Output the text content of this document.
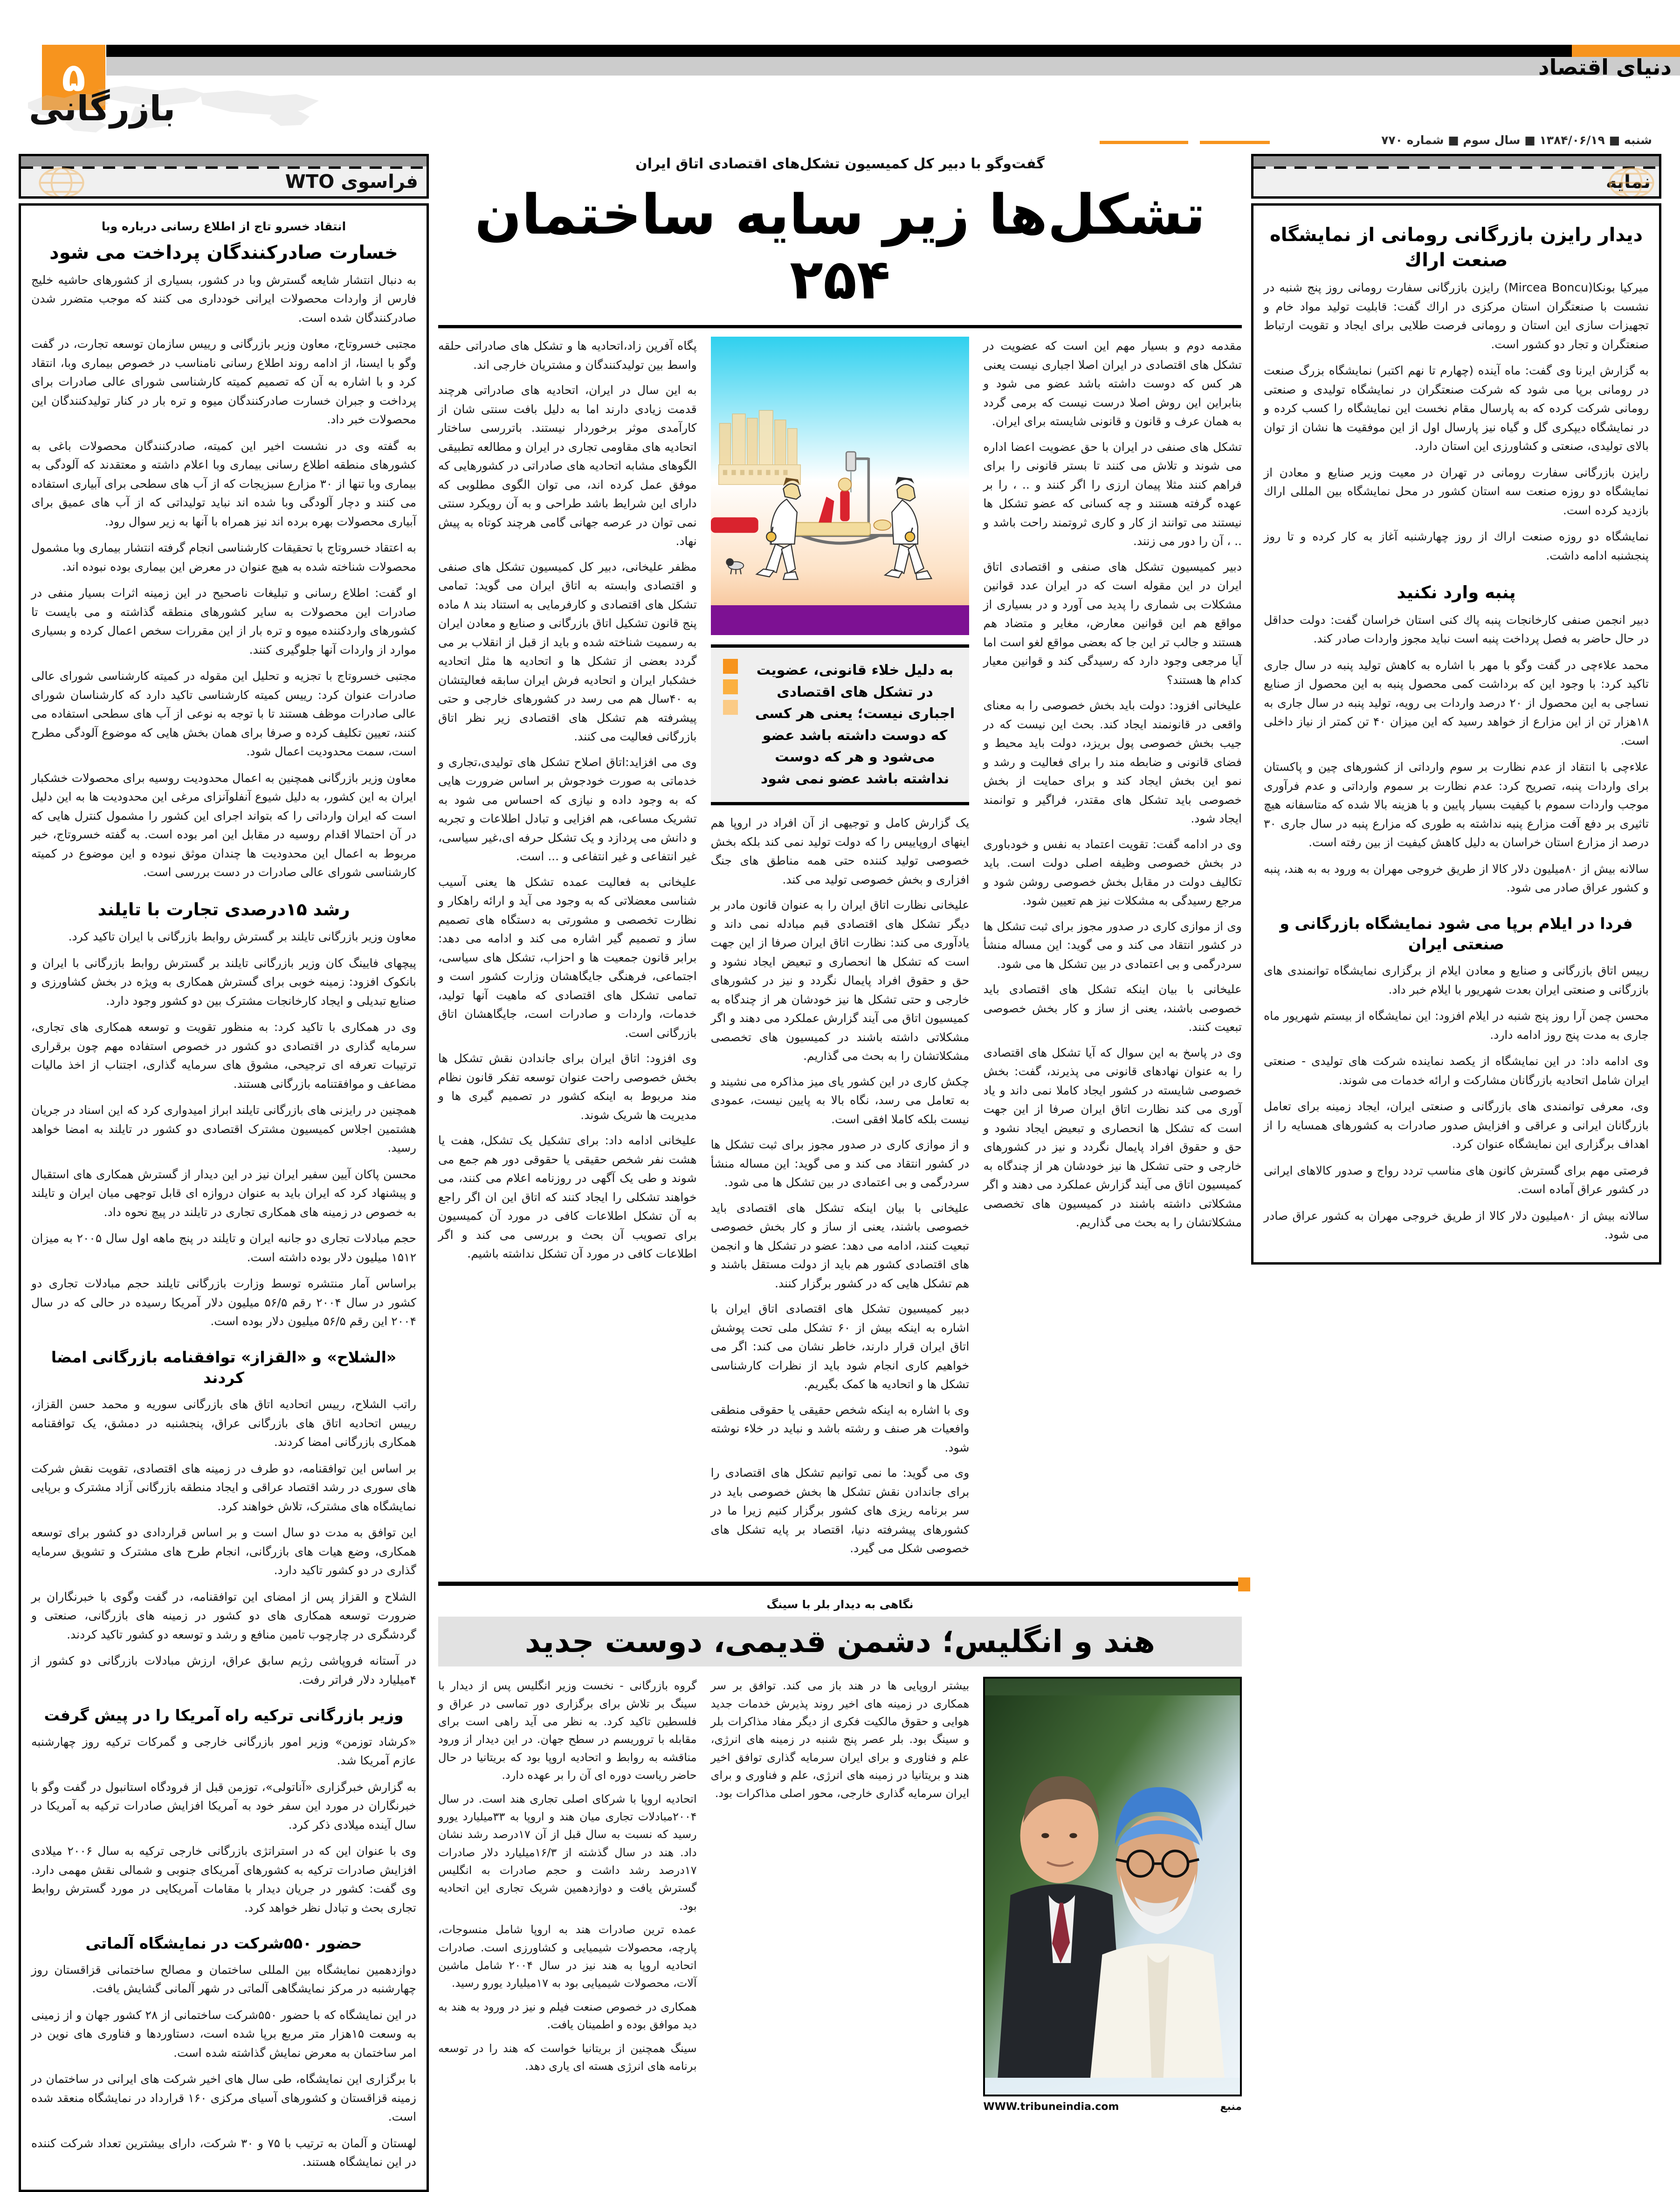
۵	دنیای اقتصاد
بازرگانی
شنبه ■ ۱۳۸۴/۰۶/۱۹ ■ سال سوم ■ شماره ۷۷۰
فراسوی WTO
انتقاد خسرو تاج از اطلاع رسانی درباره وبا
خسارت صادرکنندگان پرداخت می شود

به دنبال انتشار شایعه گسترش وبا در کشور، بسیاری از کشورهای حاشیه خلیج فارس از واردات محصولات ایرانی خودداری می کنند که موجب متضرر شدن صادرکنندگان شده است.

مجتبی خسروتاج، معاون وزیر بازرگانی و رییس سازمان توسعه تجارت، در گفت وگو با ایسنا، از ادامه روند اطلاع رسانی نامناسب در خصوص بیماری وبا، انتقاد کرد و با اشاره به آن که تصمیم کمیته کارشناسی شورای عالی صادرات برای پرداخت و جبران خسارت صادرکنندگان میوه و تره بار در کنار تولیدکنندگان این محصولات خبر داد.

به گفته وی در نشست اخیر این کمیته، صادرکنندگان محصولات باغی به کشورهای منطقه اطلاع رسانی بیماری وبا اعلام داشته و معتقدند که آلودگی به بیماری وبا تنها از ۳۰ مزارع سبزیجات که از آب های سطحی برای آبیاری استفاده می کنند و دچار آلودگی وبا شده اند نباید تولیداتی که از آب های عمیق برای آبیاری محصولات بهره برده اند نیز همراه با آنها به زیر سوال رود.

به اعتقاد خسروتاج با تحقیقات کارشناسی انجام گرفته انتشار بیماری وبا مشمول محصولات شناخته شده به هیچ عنوان در معرض این بیماری بوده نبوده اند.

او گفت: اطلاع رسانی و تبلیغات ناصحیح در این زمینه اثرات بسیار منفی در صادرات این محصولات به سایر کشورهای منطقه گذاشته و می بایست تا کشورهای واردکننده میوه و تره بار از این مقررات سخص اعمال کرده و بسیاری موارد از واردات آنها جلوگیری کنند.

مجتبی خسروتاج با تجزیه و تحلیل این مقوله در کمیته کارشناسی شورای عالی صادرات عنوان کرد: رییس کمیته کارشناسی تاکید دارد که کارشناسان شورای عالی صادرات موظف هستند تا با توجه به نوعی از آب های سطحی استفاده می کنند، تعیین تکلیف کرده و صرفا برای همان بخش هایی که موضوع آلودگی مطرح است، سمت محدودیت اعمال شود.

معاون وزیر بازرگانی همچنین به اعمال محدودیت روسیه برای محصولات خشکبار ایران به این کشور، به دلیل شیوع آنفلوآنزای مرغی این محدودیت ها به این دلیل است که ایران وارداتی را که بتواند اجرای این کشور را مشمول کنترل هایی که در آن احتمالا اقدام روسیه در مقابل این امر بوده است. به گفته خسروتاج، خبر مربوط به اعمال این محدودیت ها چندان موثق نبوده و این موضوع در کمیته کارشناسی شورای عالی صادرات در دست بررسی است.

رشد ۱۵درصدی تجارت با تایلند

معاون وزیر بازرگانی تایلند بر گسترش روابط بازرگانی با ایران تاکید کرد.

پیچهای فایینگ کان وزیر بازرگانی تایلند بر گسترش روابط بازرگانی با ایران و بانکوک افزود: زمینه خوبی برای گسترش همکاری به ویژه در بخش کشاورزی و صنایع تبدیلی و ایجاد کارخانجات مشترک بین دو کشور وجود دارد.

وی در همکاری با تاکید کرد: به منظور تقویت و توسعه همکاری های تجاری، سرمایه گذاری در اقتصادی دو کشور در خصوص استفاده مهم چون برقراری ترتیبات تعرفه ای ترجیحی، مشوق های سرمایه گذاری، اجتناب از اخذ مالیات مضاعف و موافقتنامه بازرگانی هستند.

همچنین در رایزنی های بازرگانی تایلند ابراز امیدواری کرد که این اسناد در جریان هشتمین اجلاس کمیسیون مشترک اقتصادی دو کشور در تایلند به امضا خواهد رسید.

محسن پاکان آیین سفیر ایران نیز در این دیدار از گسترش همکاری های استقبال و پیشنهاد کرد که ایران باید به عنوان دروازه ای قابل توجهی میان ایران و تایلند به خصوص در زمینه های همکاری تجاری در تایلند در پیچ نحوه داد.

حجم مبادلات تجاری دو جانبه ایران و تایلند در پنج ماهه اول سال ۲۰۰۵ به میزان ۱۵۱۲ میلیون دلار بوده داشته است.

براساس آمار منتشره توسط وزارت بازرگانی تایلند حجم مبادلات تجاری دو کشور در سال ۲۰۰۴ رقم ۵۶/۵ میلیون دلار آمریکا رسیده در حالی که در سال ۲۰۰۴ این رقم ۵۶/۵ میلیون دلار بوده است.

«الشلاح» و «القزاز» توافقنامه بازرگانی امضا کردند

راتب الشلاح، رییس اتحادیه اتاق های بازرگانی سوریه و محمد حسن القزاز، رییس اتحادیه اتاق های بازرگانی عراق، پنجشنبه در دمشق، یک توافقنامه همکاری بازرگانی امضا کردند.

بر اساس این توافقنامه، دو طرف در زمینه های اقتصادی، تقویت نقش شرکت های سوری در رشد اقتصاد عراقی و ایجاد منطقه بازرگانی آزاد مشترک و برپایی نمایشگاه های مشترک، تلاش خواهند کرد.

این توافق به مدت دو سال است و بر اساس قراردادی دو کشور برای توسعه همکاری، وضع هیات های بازرگانی، انجام طرح های مشترک و تشویق سرمایه گذاری در دو کشور تاکید دارد.

الشلاح و القزاز پس از امضای این توافقنامه، در گفت وگوی با خبرنگاران بر ضرورت توسعه همکاری های دو کشور در زمینه های بازرگانی، صنعتی و گردشگری در چارچوب تامین منافع و رشد و توسعه دو کشور تاکید کردند.

در آستانه فروپاشی رژیم سابق عراق، ارزش مبادلات بازرگانی دو کشور از ۴میلیارد دلار فراتر رفت.

وزیر بازرگانی ترکیه راه آمریکا را در پیش گرفت

«کرشاد توزمن» وزیر امور بازرگانی خارجی و گمرکات ترکیه روز چهارشنبه عازم آمریکا شد.

به گزارش خبرگزاری «آناتولی»، توزمن قبل از فرودگاه استانبول در گفت وگو با خبرنگاران در مورد این سفر خود به آمریکا افزایش صادرات ترکیه به آمریکا در سال آینده میلادی ذکر کرد.

وی با عنوان این که در استراتژی بازرگانی خارجی ترکیه به سال ۲۰۰۶ میلادی افزایش صادرات ترکیه به کشورهای آمریکای جنوبی و شمالی نقش مهمی دارد. وی گفت: کشور در جریان دیدار با مقامات آمریکایی در مورد گسترش روابط تجاری بحث و تبادل نظر خواهد کرد.

حضور ۵۵۰شرکت در نمایشگاه آلماتی

دوازدهمین نمایشگاه بین المللی ساختمان و مصالح ساختمانی قزاقستان روز چهارشنبه در مرکز نمایشگاهی آلماتی در شهر آلمانی گشایش یافت.

در این نمایشگاه که با حضور ۵۵۰شرکت ساختمانی از ۲۸ کشور جهان و از زمینی به وسعت ۱۵هزار متر مربع برپا شده است، دستاوردها و فناوری های نوین در امر ساختمان به معرض نمایش گذاشته شده است.

با برگزاری این نمایشگاه، طی سال های اخیر شرکت های ایرانی در ساختمان در زمینه قزاقستان و کشورهای آسیای مرکزی ۱۶۰ قرارداد در نمایشگاه منعقد شده است.

لهستان و آلمان به ترتیب با ۷۵ و ۳۰ شرکت، دارای بیشترین تعداد شرکت کننده در این نمایشگاه هستند.

نمایه
دیدار رایزن بازرگانی رومانی از نمایشگاه صنعت اراك

میرکیا بونکا(Mircea Boncu) رایزن بازرگانی سفارت رومانی روز پنج شنبه در نشست با صنعتگران استان مرکزی در اراك گفت: قابلیت تولید مواد خام و تجهیزات سازی این استان و رومانی فرصت طلایی برای ایجاد و تقویت ارتباط صنعتگران و تجار دو کشور است.

به گزارش ایرنا وی گفت: ماه آینده (چهارم تا نهم اکتبر) نمایشگاه بزرگ صنعت در رومانی برپا می شود که شرکت صنعتگران در نمایشگاه تولیدی و صنعتی رومانی شرکت کرده که به پارسال مقام نخست این نمایشگاه را کسب کرده و در نمایشگاه دیپکری گل و گیاه نیز پارسال اول از این موفقیت ها نشان از توان بالای تولیدی، صنعتی و کشاورزی این استان دارد.

رایزن بازرگانی سفارت رومانی در تهران در معیت وزیر صنایع و معادن از نمایشگاه دو روزه صنعت سه استان کشور در محل نمایشگاه بین المللی اراك بازدید کرده است.

نمایشگاه دو روزه صنعت اراك از روز چهارشنبه آغاز به کار کرده و تا روز پنجشنبه ادامه داشت.

پنبه وارد نکنید

دبیر انجمن صنفی کارخانجات پنبه پاك کنی استان خراسان گفت: دولت حداقل در حال حاضر به فصل پرداخت پنبه است نباید مجوز واردات صادر کند.

محمد علاءچی در گفت وگو با مهر با اشاره به کاهش تولید پنبه در سال جاری تاکید کرد: با وجود این که برداشت کمی محصول پنبه به این محصول از صنایع نساجی به این محصول از ۲۰ درصد واردات بی رویه، تولید پنبه در سال جاری به ۱۸هزار تن از این مزارع از خواهد رسید که این میزان ۴۰ تن کمتر از نیاز داخلی است.

علاءچی با انتقاد از عدم نظارت بر سوم وارداتی از کشورهای چین و پاکستان برای واردات پنبه، تصریح کرد: عدم نظارت بر سموم وارداتی و عدم فرآوری موجب واردات سموم با کیفیت بسیار پایین و با هزینه بالا شده که متاسفانه هیچ تاثیری بر دفع آفت مزارع پنبه نداشته به طوری که مزارع پنبه در سال جاری ۳۰ درصد از مزارع استان خراسان به دلیل کاهش کیفیت از بین رفته است.

سالانه بیش از ۸۰میلیون دلار کالا از طریق خروجی مهران به ورود به به هند، پنبه و کشور عراق صادر می شود.

فردا در ایلام برپا می شود نمایشگاه بازرگانی و صنعتی ایران

رییس اتاق بازرگانی و صنایع و معادن ایلام از برگزاری نمایشگاه توانمندی های بازرگانی و صنعتی ایران بعدت شهریور با ایلام خبر داد.

محسن چمن آرا روز پنج شنبه در ایلام افزود: این نمایشگاه از بیستم شهریور ماه جاری به مدت پنج روز ادامه دارد.

وی ادامه داد: در این نمایشگاه از یکصد نماینده شرکت های تولیدی - صنعتی ایران شامل اتحادیه بازرگانان مشارکت و ارائه خدمات می شوند.

وی، معرفی توانمندی های بازرگانی و صنعتی ایران، ایجاد زمینه برای تعامل بازرگانان ایرانی و عراقی و افزایش صدور صادرات به کشورهای همسایه را از اهداف برگزاری این نمایشگاه عنوان کرد.

فرصتی مهم برای گسترش کانون های مناسب تردد رواج و صدور کالاهای ایرانی در کشور عراق آماده است.

سالانه بیش از ۸۰میلیون دلار کالا از طریق خروجی مهران به کشور عراق صادر می شود.

گفت‌وگو با دبیر کل کمیسیون تشکل‌های اقتصادی اتاق ایران
تشکل‌ها زیر سایه ساختمان ۲۵۴

مقدمه دوم و بسیار مهم این است که عضویت در تشکل های اقتصادی در ایران اصلا اجباری نیست یعنی هر کس که دوست داشته باشد عضو می شود و بنابراین این روش اصلا درست نیست که برمی گردد به همان عرف و قانون و قانونی شایسته برای ایران.

تشکل های صنفی در ایران با حق عضویت اعضا اداره می شوند و تلاش می کنند تا بستر قانونی را برای فراهم کنند مثلا پیمان ارزی را اگر کنند و .. ، را بر عهده گرفته هستند و چه کسانی که عضو تشکل ها نیستند می توانند از کار و کاری ثروتمند راحت باشد و .. ، آن را دور می زنند.

دبیر کمیسیون تشکل های صنفی و اقتصادی اتاق ایران در این مقوله است که در ایران عدد قوانین مشکلات بی شماری را پدید می آورد و در بسیاری از مواقع هم این قوانین معارض، مغایر و متضاد هم هستند و جالب تر این جا که بعضی مواقع لغو است اما آیا مرجعی وجود دارد که رسیدگی کند و قوانین معیار کدام ها هستند؟

علیخانی افزود: دولت باید بخش خصوصی را به معنای واقعی در قانونمند ایجاد کند. بحث این نیست که در جیب بخش خصوصی پول بریزد، دولت باید محیط و فضای قانونی و ضابطه مند را برای فعالیت و رشد و نمو این بخش ایجاد کند و برای حمایت از بخش خصوصی باید تشکل های مقتدر، فراگیر و توانمند ایجاد شود.

وی در ادامه گفت: تقویت اعتماد به نفس و خودباوری در بخش خصوصی وظیفه اصلی دولت است. باید تکالیف دولت در مقابل بخش خصوصی روشن شود و مرجع رسیدگی به مشکلات نیز هم تعیین شود.

وی از موازی کاری در صدور مجوز برای ثبت تشکل ها در کشور انتقاد می کند و می گوید: این مساله منشأ سردرگمی و بی اعتمادی در بین تشکل ها می شود.

علیخانی با بیان اینکه تشکل های اقتصادی باید خصوصی باشند، یعنی از ساز و کار بخش خصوصی تبعیت کنند.

وی در پاسخ به این سوال که آیا تشکل های اقتصادی را به عنوان نهادهای قانونی می پذیرند، گفت: بخش خصوصی شایسته در کشور ایجاد کاملا نمی داند و یاد آوری می کند نظارت اتاق ایران صرفا از این جهت است که تشکل ها انحصاری و تبعیض ایجاد نشود و حق و حقوق افراد پایمال نگردد و نیز در کشورهای خارجی و حتی تشکل ها نیز خودشان هر از چندگاه به کمیسیون اتاق می آیند گزارش عملکرد می دهند و اگر مشکلاتی داشته باشند در کمیسیون های تخصصی مشکلاتشان را به بحث می گذاریم.

به دلیل خلاء قانونی، عضویت در تشکل های اقتصادی اجباری نیست؛ یعنی هر کسی که دوست داشته باشد عضو می‌شود و هر که دوست نداشته باشد عضو نمی شود

یک گزارش کامل و توجیهی از آن افراد در اروپا هم اینهای اروپاییس را که دولت تولید نمی کند بلکه بخش خصوصی تولید کننده حتی همه مناطق های جنگ افزاری و بخش خصوصی تولید می کند.

علیخانی نظارت اتاق ایران را به عنوان قانون مادر بر دیگر تشکل های اقتصادی قبم مبادله نمی داند و یادآوری می کند: نظارت اتاق ایران صرفا از این جهت است که تشکل ها انحصاری و تبعیض ایجاد نشود و حق و حقوق افراد پایمال نگردد و نیز در کشورهای خارجی و حتی تشکل ها نیز خودشان هر از چندگاه به کمیسیون اتاق می آیند گزارش عملکرد می دهند و اگر مشکلاتی داشته باشند در کمیسیون های تخصصی مشکلاتشان را به بحث می گذاریم.

چکش کاری در این کشور یای میز مذاکره می نشیند و به تعامل می رسد، نگاه بالا به پایین نیست، عمودی نیست بلکه کاملا افقی است.

و از موازی کاری در صدور مجوز برای ثبت تشکل ها در کشور انتقاد می کند و می گوید: این مساله منشأ سردرگمی و بی اعتمادی در بین تشکل ها می شود.

علیخانی با بیان اینکه تشکل های اقتصادی باید خصوصی باشند، یعنی از ساز و کار بخش خصوصی تبعیت کنند، ادامه می دهد: عضو در تشکل ها و انجمن های اقتصادی کشور هم باید از دولت مستقل باشند و هم تشکل هایی که در کشور برگزار کنند.

دبیر کمیسیون تشکل های اقتصادی اتاق ایران با اشاره به اینکه بیش از ۶۰ تشکل ملی تحت پوشش اتاق ایران قرار دارند، خاطر نشان می کند: اگر می خواهیم کاری انجام شود باید از نظرات کارشناسی تشکل ها و اتحادیه ها کمک بگیریم.

وی با اشاره به اینکه شخص حقیقی یا حقوقی منطقی وافعیات هر صنف و رشته باشد و نباید در خلاء نوشته شود.

وی می گوید: ما نمی توانیم تشکل های اقتصادی را برای جاندادن نقش تشکل ها بخش خصوصی باید در سر برنامه ریزی های کشور برگزار کنیم زیرا ما در کشورهای پیشرفته دنیا، اقتصاد بر پایه تشکل های خصوصی شکل می گیرد.

پگاه آفرین زاد،اتحادیه ها و تشکل های صادراتی حلقه واسط بین تولیدکنندگان و مشتریان خارجی اند.

به این سال در ایران، اتحادیه های صادراتی هرچند قدمت زیادی دارند اما به دلیل بافت سنتی شان از کارآمدی موثر برخوردار نیستند. باتررسی ساختار اتحادیه های مقاومی تجاری در ایران و مطالعه تطبیقی الگوهای مشابه اتحادیه های صادراتی در کشورهایی که موفق عمل کرده اند، می توان الگوی مطلوبی که دارای این شرایط باشد طراحی و به آن رویکرد سنتی نمی توان در عرصه جهانی گامی هرچند کوتاه به پیش نهاد.

مظفر علیخانی، دبیر کل کمیسیون تشکل های صنفی و اقتصادی وابسته به اتاق ایران می گوید: تمامی تشکل های اقتصادی و کارفرمایی به استناد بند ۸ ماده پنج قانون تشکیل اتاق بازرگانی و صنایع و معادن ایران به رسمیت شناخته شده و باید از قبل از انقلاب بر می گردد بعضی از تشکل ها و اتحادیه ها مثل اتحادیه خشکبار ایران و اتحادیه فرش ایران سابقه فعالیتشان به ۴۰سال هم می رسد در کشورهای خارجی و حتی پیشرفته هم تشکل های اقتصادی زیر نظر اتاق بازرگانی فعالیت می کنند.

وی می افزاید:اتاق اصلاح تشکل های تولیدی،تجاری و خدماتی به صورت خودجوش بر اساس ضرورت هایی که به وجود داده و نیازی که احساس می شود به تشریک مساعی، هم افزایی و تبادل اطلاعات و تجربه و دانش می پردازد و یک تشکل حرفه ای،غیر سیاسی، غیر انتفاعی و غیر انتفاعی و ... است.

علیخانی به فعالیت عمده تشکل ها یعنی آسیب شناسی معضلاتی که به وجود می آید و ارائه راهکار و نظارت تخصصی و مشورتی به دستگاه های تصمیم ساز و تصمیم گیر اشاره می کند و ادامه می دهد: برابر قانون جمعیت ها و احزاب، تشکل های سیاسی، اجتماعی، فرهنگی جایگاهشان وزارت کشور است و تمامی تشکل های اقتصادی که ماهیت آنها تولید، خدمات، واردات و صادرات است، جایگاهشان اتاق بازرگانی است.

وی افزود: اتاق ایران برای جاندادن نقش تشکل ها بخش خصوصی راحت عنوان توسعه تفکر قانون نظام مند مربوط به اینکه کشور در تصمیم گیری ها و مدیریت ها شریک شوند.

علیخانی ادامه داد: برای تشکیل یک تشکل، هفت یا هشت نفر شخص حقیقی یا حقوقی دور هم جمع می شوند و طی یک آگهی در روزنامه اعلام می کنند، می خواهند تشکلی را ایجاد کنند که اتاق این ان اگر راجع به آن تشکل اطلاعات کافی در مورد آن کمیسیون برای تصویب آن بحث و بررسی می کند و اگر اطلاعات کافی در مورد آن تشکل نداشته باشیم.

نگاهی به دیدار بلر با سینگ
هند و انگلیس؛ دشمن قدیمی، دوست جدید
منبع
WWW.tribuneindia.com

بیشتر اروپایی ها در هند باز می کند. توافق بر سر همکاری در زمینه های اخیر روند پذیرش خدمات جدید هوایی و حقوق مالکیت فکری از دیگر مفاد مذاکرات بلر و سینگ بود. بلر عصر پنج شنبه در زمینه های انرژی، علم و فناوری و برای ایران سرمایه گذاری توافق اخیر هند و بریتانیا در زمینه های انرژی، علم و فناوری و برای ایران سرمایه گذاری خارجی، محور اصلی مذاکرات بود.

گروه بازرگانی - نخست وزیر انگلیس پس از دیدار با سینگ بر تلاش برای برگزاری دور تماسی در عراق و فلسطین تاکید کرد. به نظر می آید راهی است برای مقابله با تروریسم در سطح جهان. در این دیدار از ورود مناقشه به روابط و اتحادیه اروپا بود که بریتانیا در حال حاضر ریاست دوره ای آن را بر عهده دارد.

اتحادیه اروپا با شرکای اصلی تجاری هند است. در سال ۲۰۰۴مبادلات تجاری میان هند و اروپا به ۳۳میلیارد یورو رسید که نسبت به سال قبل از آن ۱۷درصد رشد نشان داد. هند در سال گذشته از ۱۶/۳میلیارد دلار صادرات ۱۷درصد رشد داشت و حجم صادرات به انگلیس گسترش یافت و دوازدهمین شریک تجاری این اتحادیه بود.

عمده ترین صادرات هند به اروپا شامل منسوجات، پارچه، محصولات شیمیایی و کشاورزی است. صادرات اتحادیه اروپا به هند نیز در سال ۲۰۰۴ شامل ماشین آلات، محصولات شیمیایی بود به ۱۷میلیارد یورو رسید.

همکاری در خصوص صنعت فیلم و نیز در ورود به هند به دید موافق بوده و اطمینان یافت.

سینگ همچنین از بریتانیا خواست که هند را در توسعه برنامه های انرژی هسته ای یاری دهد.
